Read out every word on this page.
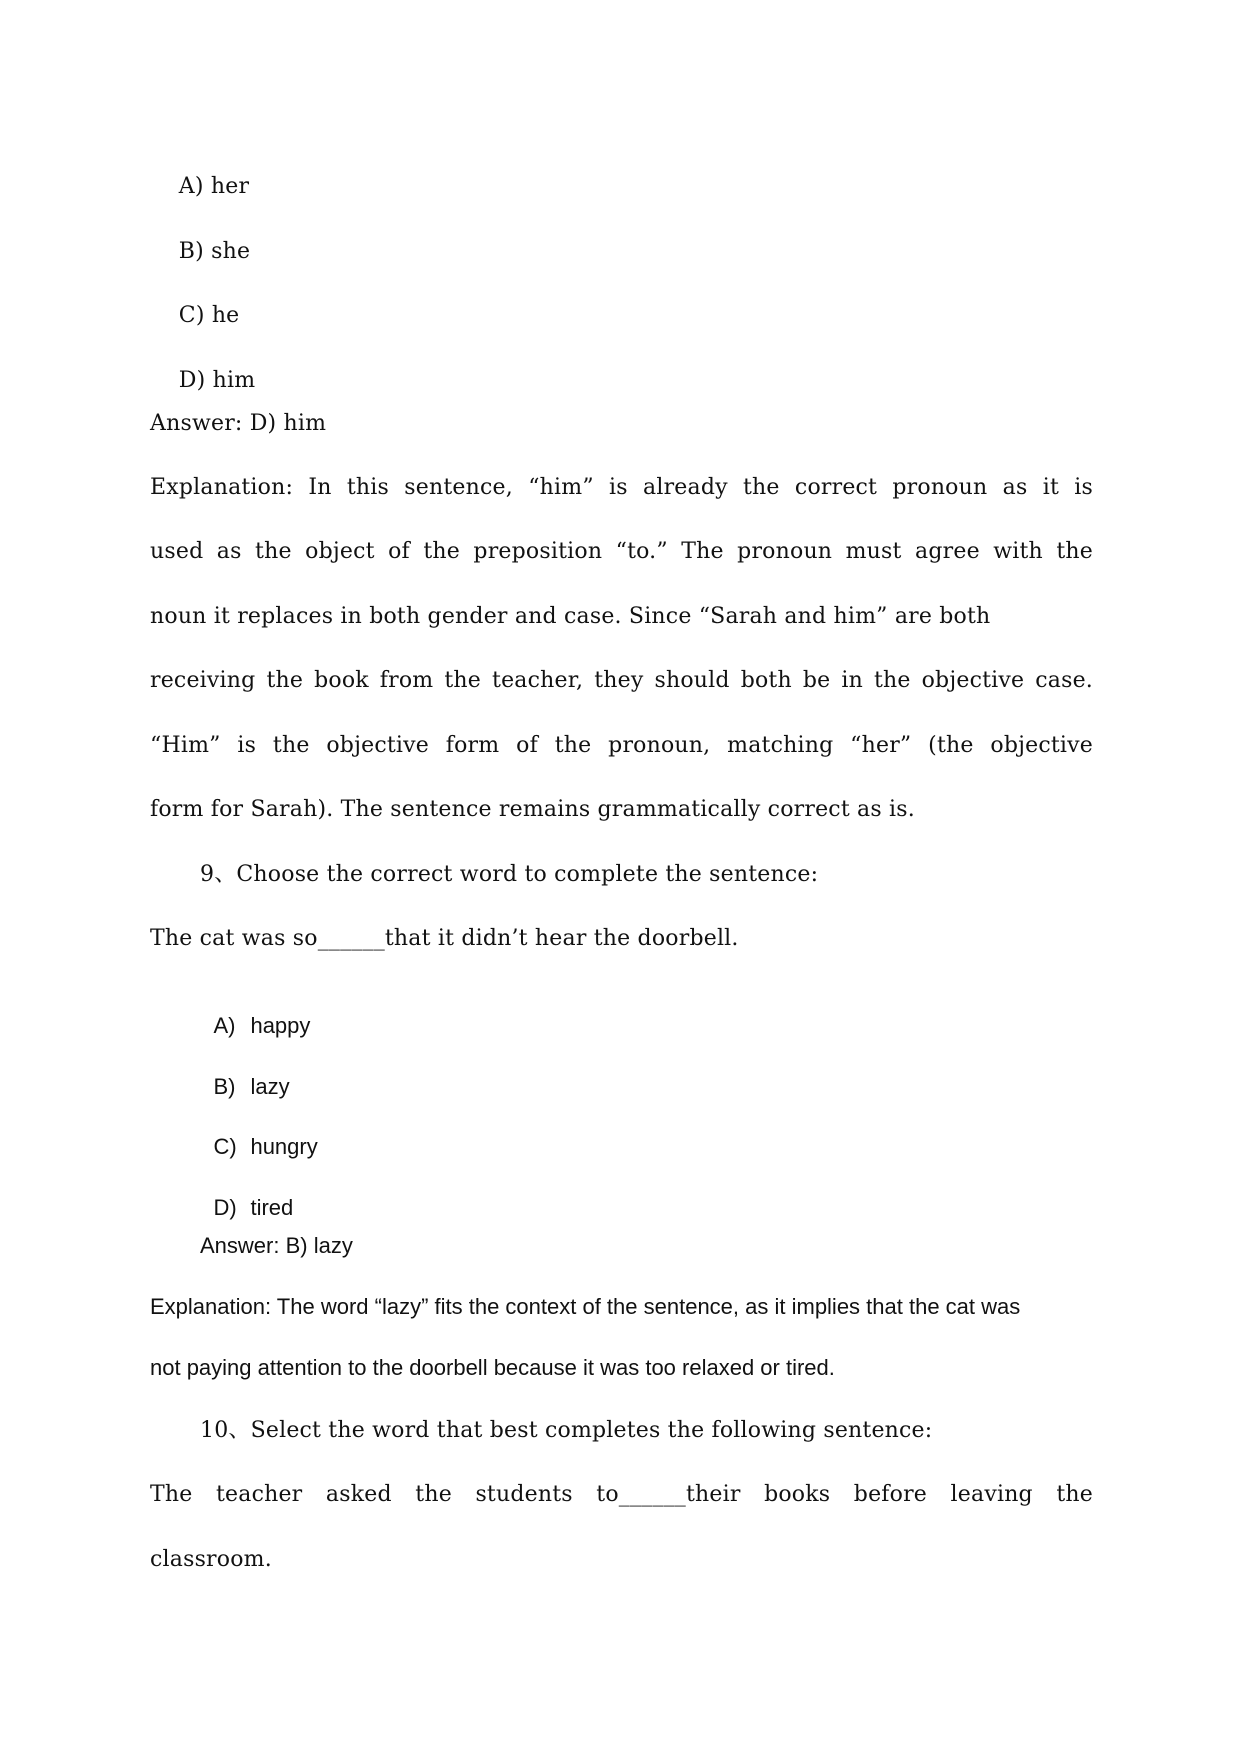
A) her

B) she

C) he

D) him

Answer: D) him
Explanation: In this sentence, “him” is already the correct pronoun as it is
used as the object of the preposition “to.” The pronoun must agree with the
noun it replaces in both gender and case. Since “Sarah and him” are both
receiving the book from the teacher, they should both be in the objective case.
“Him” is the objective form of the pronoun, matching “her” (the objective
form for Sarah). The sentence remains grammatically correct as is.
9、Choose the correct word to complete the sentence:
The cat was so______that it didn’t hear the doorbell.

A) happy

B) lazy

C) hungry

D) tired

Answer: B) lazy
Explanation: The word “lazy” fits the context of the sentence, as it implies that the cat was
not paying attention to the doorbell because it was too relaxed or tired.
10、Select the word that best completes the following sentence:
The teacher asked the students to______their books before leaving the
classroom.
